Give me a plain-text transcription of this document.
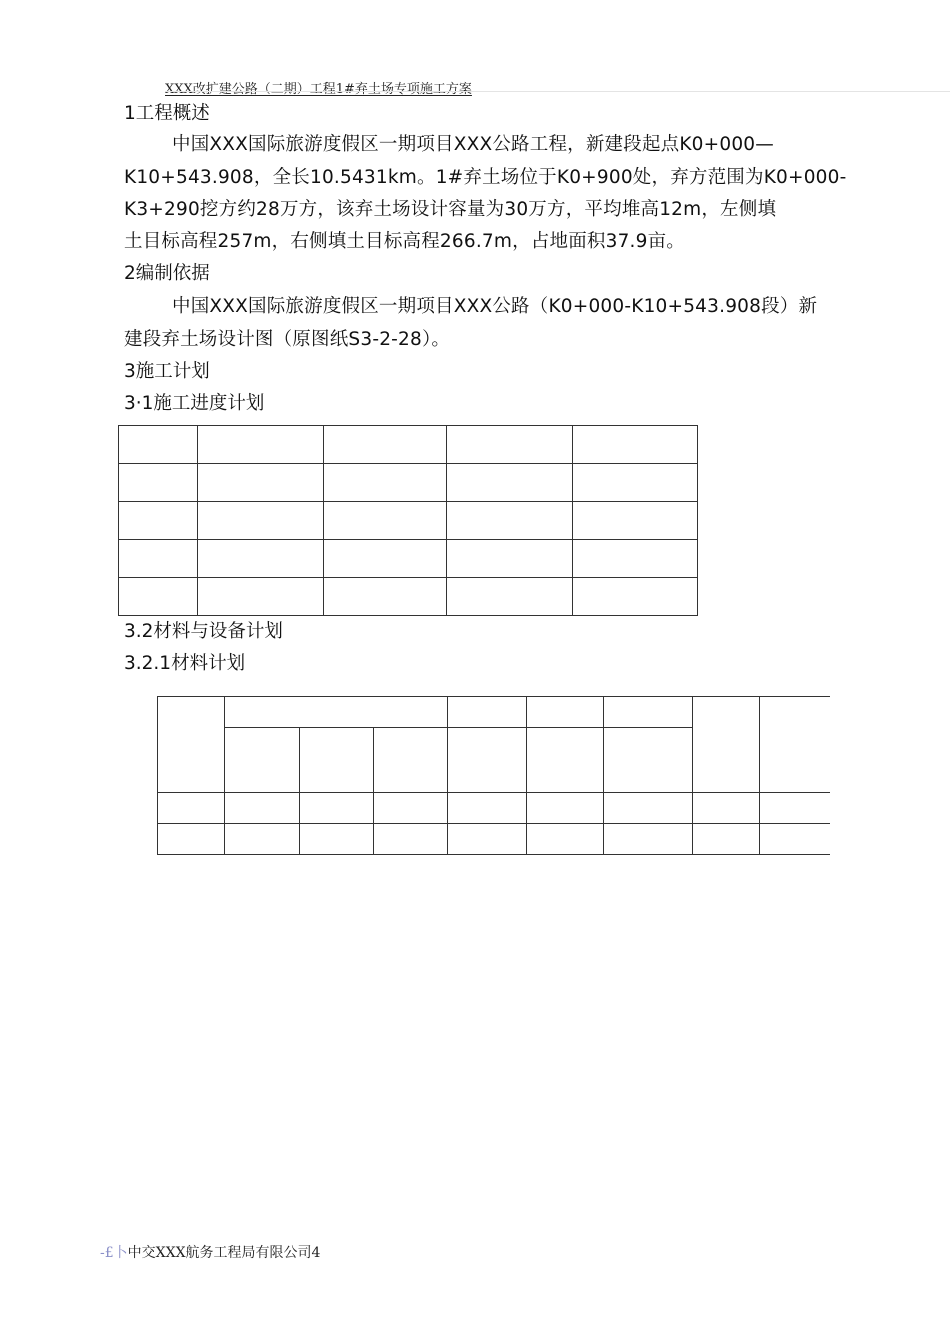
XXX改扩建公路（二期）工程1#弃土场专项施工方案
1工程概述
中国XXX国际旅游度假区一期项目XXX公路工程，新建段起点K0+000—
K10+543.908，全长10.5431km。1#弃土场位于K0+900处，弃方范围为K0+000-
K3+290挖方约28万方，该弃土场设计容量为30万方，平均堆高12m，左侧填
土目标高程257m，右侧填土目标高程266.7m，占地面积37.9亩。
2编制依据
中国XXX国际旅游度假区一期项目XXX公路（K0+000-K10+543.908段）新
建段弃土场设计图（原图纸S3-2-28）。
3施工计划
3·1施工进度计划

3.2材料与设备计划
3.2.1材料计划

-£卜中交XXX航务工程局有限公司4
